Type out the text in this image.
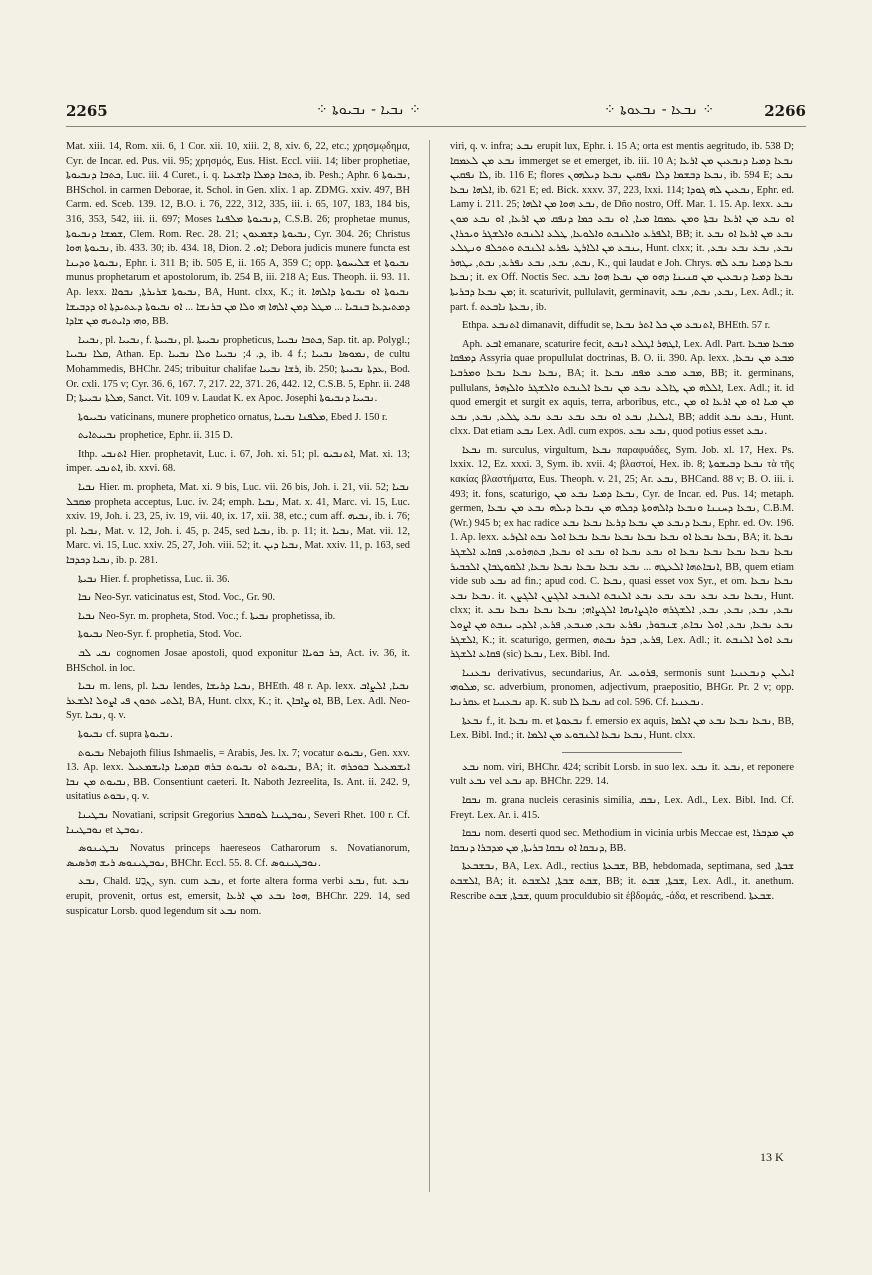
2265	⁘ ܢܒܝܐ - ܢܒܝܘܬܐ ⁘	⁘ ܢܒܥܐ - ܢܒܥܘܬܐ ⁘	2266

Mat. xiii. 14, Rom. xii. 6, 1 Cor. xii. 10, xiii. 2, 8, xiv. 6, 22, etc.; χρησμῳδημα, Cyr. de Incar. ed. Pus. vii. 95; χρησμός, Eus. Hist. Eccl. viii. 14; liber prophetiae, ܟܬܒܐ ܕܢܒܝܘܬܐ, Luc. iii. 4 Curet., i. q. ܟܬܒܐ ܕܡܠܐ ܕܐܫܥܝܐ, ib. Pesh.; Aphr. ܢܒܝܘܬܐ 6, BHSchol. in carmen Deborae, it. Schol. in Gen. xlix. 1 ap. ZDMG. xxiv. 497, BH Carm. ed. Sceb. 139. 12, B.O. i. 76, 222, 312, 335, iii. i. 65, 107, 183, 184 bis, 316, 353, 542, iii. ii. 697; Moses ܕܢܒܝܘܬܐ ܡܠܦܢܐ, C.S.B. 26; prophetae munus, ܫܡܫܐ ܕܢܒܝܘܬܐ, Clem. Rom. Rec. 28. 21; ܢܒܝܘܬܐ ܕܫܡܥܘܢ, Cyr. 304. 26; Christus ܢܒܝܘܬܐ ܗܘܐ, ib. 433. 30; ib. 434. 18, Dion. ܐܘ. 2; Debora judicis munere functa est ܢܒܝܘܬܐ ܘܕܝܢܐ, Ephr. i. 311 B; ib. 505 E, ii. 165 A, 359 C; opp. ܫܠܝܚܘܬܐ et ܢܒܝܘܬܐ munus prophetarum et apostolorum, ib. 254 B, iii. 218 A; Eus. Theoph. ii. 93. 11. Ap. lexx. ܢܒܝܘܬܐ ܫܪܝܪܬܐ, ܢܒܘܐܐ, BA, Hunt. clxx, K.; it. ܢܒܝܘܬܐ ܐܘ ܢܒܝܘܬܐ ܕܐܠܗܐ ܕܡܬܝܕܥܐ ܒܢܒܝܐ ... ܡܛܠ ܕܡܢ ܐܠܗܐ ܗܝ ܘܠܐ ܡܢ ܒܪܢܫܐ ... ܐܘ ܢܒܝܘܬܐ ܕܥܬܝܕܬܐ ܐܘ ܕܕܒܝܫܐ ܘܗܝ ܕܐܝܬܝܗ ܡܢ ܫܐܕܐ, BB.

ܢܒܝܝܐ, pl. ܢܒܝܝܐ, f. ܢܒܝܝܬܐ, pl. ܢܒܝܝܬܐ propheticus, ܟܬܒܐ ܢܒܝܝܐ, Sap. tit. ap. Polygl.; ܩܠܐ ܢܒܝܝܐ, Athan. Ep. ܕ. 4; ܢܒܝܝܐ ܘܠܐ ܢܒܝܝܐ, ib. 4 f.; ܢܡܘܣܐ ܢܒܝܝܐ, de cultu Mohammedis, BHChr. 245; tribuitur chalifae ܪܫܐ ܢܒܝܝܐ, ib. 250; ܥܕܬܐ ܢܒܝܝܬܐ, Bod. Or. cxli. 175 v; Cyr. 36. 6, 167. 7, 217. 22, 371. 26, 442. 12, C.S.B. 5, Ephr. ii. 248 D; ܡܠܬܐ ܢܒܝܝܬܐ, Sanct. Vit. 109 v. Laudat K. ex Apoc. Josephi ܢܒܝܝܐ ܕܢܒܝܘܬܐ.

ܢܒܝܝܘܬܐ vaticinans, munere prophetico ornatus, ܡܠܦܢܐ ܢܒܝܝܐ, Ebed J. 150 r.

ܢܒܝܝܬܐܝܬ prophetice, Ephr. ii. 315 D.

Ithp. ܐܬܢܒܝ Hier. prophetavit, Luc. i. 67, Joh. xi. 51; pl. ܐܬܢܒܝܘ, Mat. xi. 13; imper. ܐܬܢܒܝ, ib. xxvi. 68.

ܢܒܝܐ Hier. m. propheta, Mat. xi. 9 bis, Luc. vii. 26 bis, Joh. i. 21, vii. 52; ܢܒܝܐ ܡܩܒܠ propheta acceptus, Luc. iv. 24; emph. ܢܒܝܐ, Mat. x. 41, Marc. vi. 15, Luc. xxiv. 19, Joh. i. 23, 25, iv. 19, vii. 40, ix. 17, xii. 38, etc.; cum aff. ܢܒܝܗ, ib. i. 76; pl. ܢܒܝܐ, Mat. v. 12, Joh. i. 45, p. 245, sed ܢܒܝܐ, ib. p. 11; it. ܢܒܝܐ, Mat. vii. 12, Marc. vi. 15, Luc. xxiv. 25, 27, Joh. viii. 52; it. ܢܒܝܐ ܕܝܢ, Mat. xxiv. 11, p. 163, sed ܢܒܝܐ ܕܟܕܒܐ, ib. p. 281.

ܢܒܝܬܐ Hier. f. prophetissa, Luc. ii. 36.

ܢܒܐ Neo-Syr. vaticinatus est, Stod. Voc., Gr. 90.

ܢܒܝܐ Neo-Syr. m. propheta, Stod. Voc.; f. ܢܒܝܬܐ prophetissa, ib.

ܢܒܝܘܬܐ Neo-Syr. f. prophetia, Stod. Voc.

ܢܒܝ ܠܒ cognomen Josae apostoli, quod exponitur ܒܪ ܒܘܝܐܐ, Act. iv. 36, it. BHSchol. in loc.

ܢܒܝܐ m. lens, pl. ܢܒܝܐ lendes, ܢܒܝܐ ܕܪܝܫܐ, BHEth. 48 r. Ap. lexx. ܢܒܝܐ, ܐܠܨܐܒ ܐܠܬܝ ܬܟܘܢ ܦܝ ܐܨܘܠ ܐܠܫܥܪ, BA, Hunt. clxx, K.; it. ܐܘ ܨܐܒܐܢ, BB, Lex. Adl. Neo-Syr. ܢܒܝܐ, q. v.

ܢܒܝܘܬܐ cf. supra ܢܒܝܘܬܐ.

ܢܒܝܘܬ Nebajoth filius Ishmaelis, = Arabis, Jes. lx. 7; vocatur ܢܒܝܘܬ, Gen. xxv. 13. Ap. lexx. ܢܒܝܘܬ ܐܘ ܢܒܝܘܬ ܒܪܗ ܩܕܡܝܐ ܕܐܝܫܡܥܝܠ, BA; it. ܐܝܫܡܥܝܠ ܒܘܟܪܗ ܢܒܝܘܬ ܡܢ ܢܒܐ, BB. Consentiunt caeteri. It. Naboth Jezreelita, Is. Ant. ii. 242. 9, usitatius ܢܒܘܬ, q. v.

ܢܒܛܝܢܐ Novatiani, scripsit Gregorius ܢܘܒܛܝܢܐ ܠܘܩܒܠ, Severi Rhet. 100 r. Cf. ܢܘܒܛܝܢܐ et ܢܘܒܛ.

ܢܒܛܝܢܘܣ Novatus princeps haereseos Catharorum s. Novatianorum, ܢܘܒܛܝܢܘܣ ܪܝܫ ܗܪܣܝܣ, BHChr. Eccl. 55. 8. Cf. ܢܘܒܛܝܢܘܣ.

ܢܒܥ, Chald. ܢְבַע, syn. cum ܢܒܥ, et forte altera forma verbi ܢܒܥ, fut. ܢܒܥ erupit, provenit, ortus est, emersit, ܗܘܐ ܢܒܥ ܡܢ ܐܪܥܐ, BHChr. 229. 14, sed suspicatur Lorsb. quod legendum sit ܢܒܥ nom.

viri, q. v. infra; ܢܒܥ erupit lux, Ephr. i. 15 A; orta est mentis aegritudo, ib. 538 D; ܢܒܥ ܡܢ ܠܥܡܩܐ immerget se et emerget, ib. iii. 10 A; ܢܒܥܐ ܕܡܝܐ ܕܢܒܥܝܢ ܡܢ ܐܪܥܐ ܠܐ ܢܦܩܝܢ, ib. 116 E; flores ܢܒܥܐ ܕܒܫܡܐ ܕܠܐ ܢܦܩܝܢ ܢܒܥܐ ܕܝܠܗܘܢ, ib. 594 E; ܢܒܥ ܐܠܗܐ ܢܒܥܐ, ib. 621 E; ed. Bick. xxxv. 37, 223, lxxi. 114; ܢܒܥܝܢ ܠܗ ܓܘܕܐ, Ephr. ed. Lamy i. 211. 25; ܢܒܥ ܗܘܐ ܡܢ ܐܠܗܐ, de Dño nostro, Off. Mar. 1. 15. Ap. lexx. ܢܒܥ ܐܘ ܢܒܥ ܡܢ ܐܪܥܐ ܢܒܬܐ ܘܡܢ ܥܡܩܐ ܡܝܐ, ܐܘ ܢܒܥ ܟܡܐ ܕܢܦܩ ܡܢ ܐܪܥܐ, ܐܘ ܢܒܥ ܡܘܢ ܐܠܦܪܥ ܘܐܠܢܒܬ ܘܐܠܘܥܐ, ܛܠܥ ܐܠܢܒܬ ܘܐܠܫܓܪ ܘܝܟܪܐܢ, BB; it. ܢܒܥ ܡܢ ܐܪܥܐ ܐܘ ܢܒܥ ܝܢܒܥ ܡܢ ܐܠܐܪܛ ܝܦܪܥ ܐܠܢܒܬ ܘܬܟܠܦ ܘܢܛܠܥ, Hunt. clxx; it. ܢܒܥ, ܢܒܥ ܢܒܥ ܢܒܥ, ܢܒܬ, ܢܒܥ, ܢܒܥ ܢܦܪܥ, ܢܒܬ, ܝܛܗܪ, K., qui laudat e Joh. Chrys. ܢܒܥܐ ܕܡܝܐ ܢܒܥ ܠܗ ܢܒܥܐ; it. ex Off. Noctis Sec. ܢܒܥܐ ܕܡܝܐ ܕܢܒܥܝܢ ܡܢ ܩܢܝܢܐ ܕܗܘ ܡܢ ܢܒܥܐ ܗܘܐ ܢܒܥ ܡܢ ܢܒܥܐ ܕܒܪܝܬܐ; it. scaturivit, pullulavit, germinavit, ܢܒܥ, ܢܒܬ, ܢܒܥ, Lex. Adl.; it. part. f. ܢܒܥܬܐ ܢܐܒܥܬ, ib.

Ethpa. ܐܬܢܒܥ dimanavit, diffudit se, ܐܬܢܒܥ ܡܢ ܟܠ ܐܬܪ ܢܒܥܐ, BHEth. 57 r.

Aph. ܐܒܥ emanare, scaturire fecit, ܐܛܗܪ ܐܛܠܥ ܐܢܒܬ, Lex. Adl. Part. ܡܒܥܐ ܡܒܥܐ ܕܡܦܩܐ Assyria quae propullulat doctrinas, B. O. ii. 390. Ap. lexx. ܡܒܥ ܡܢ ܢܒܥܐ, ܢܒܥܐ ܢܒܥܐ ܢܒܥܐ ܘܡܪܒܝܐ, BA; it. ܡܒܥ ܡܒܥ ܡܦܩ ܢܒܥܐ, BB; it. germinans, pullulans, ܐܠܠܗ ܡܢ ܛܐܠܥ ܢܒܥ ܡܢ ܢܒܥܐ ܐܠܢܒܬ ܘܐܠܫܓܪ ܘܐܠܙܗܪ, Lex. Adl.; it. id quod emergit et surgit ex aquis, terra, arboribus, etc., ܡܢ ܡܝܐ ܐܘ ܡܢ ܐܪܥܐ ܐܘ ܡܢ ܐܝܠܢܐ, ܢܒܥ ܐܘ ܢܒܥ ܢܒܥ ܢܒܥ ܢܒܥ ܛܠܥ, ܢܒܥ, ܢܒܥ, BB; addit ܢܒܥ ܢܒܥ, Hunt. clxx. Dat etiam ܢܒܥ Lex. Adl. cum expos. ܢܒܥ ܢܒܥ, quod potius esset ܢܒܥ.

ܢܒܥܐ m. surculus, virgultum, ܢܒܥܐ παραφυάδες, Sym. Job. xl. 17, Hex. Ps. lxxix. 12, Ez. xxxi. 3, Sym. ib. xvii. 4; βλαστοί, Hex. ib. 8; ܢܒܥܐ ܕܒܝܫܘܬܐ τὰ τῆς κακίας βλαστήματα, Eus. Theoph. v. 21, 25; Ar. ܢܒܥ, BHCand. 88 v; B. O. iii. i. 493; it. fons, scaturigo, ܢܒܥܐ ܕܡܝܐ ܢܒܥ ܡܢ, Cyr. de Incar. ed. Pus. 14; metaph. germen, ܢܒܥܐ ܕܚܢܢܐ ܘܢܒܥܐ ܕܐܠܗܘܬܐ ܕܟܠܗ ܡܢ ܢܒܥܐ ܕܝܠܗ ܢܒܥ ܡܢ ܢܒܥܐ, C.B.M. (Wr.) 945 b; ex hac radice ܢܒܥܐ ܕܢܒܥ ܡܢ ܢܒܥܐ ܕܪܥܐ ܢܒܥܐ ܢܒܥ, Ephr. ed. Ov. 196. 1. Ap. lexx. ܢܒܥܐ ܢܒܥܐ ܐܘ ܢܒܥܐ ܢܒܥܐ ܢܒܥܐ ܢܒܥܐ ܢܒܥܐ ܐܘܠ ܢܒܬ ܐܠܙܪܥ, BA; it. ܢܒܥܐ ܢܒܥܐ ܢܒܥܐ ܢܒܥܐ ܢܒܥܐ ܢܒܥܐ ܐܘ ܢܒܥ ܢܒܥܐ ܐܘ ܢܒܥ ܐܘ ܢܒܥܐ, ܒܬܗܪܘܥ, ܦܩܐܥ ܐܠܫܓܪ ܐܢܒܐܬܗܐ ܐܠܥܛܗ ... ܢܒܥ ܢܒܥܐ ܢܒܥܐ ܢܒܥܐ ܢܒܥܐ, ܐܠܩܘܛܒܐܢ ܐܠܟܒܝܪ, BB, quem etiam vide sub ܢܒܥ ad fin.; apud cod. C. ܢܒܥܐ, quasi esset vox Syr., et om. ܢܒܥܐ ܢܒܥܐ ܢܒܥܐ ܢܒܥ. it. ܢܒܥܐ ܢܒܥ ܢܒܥ ܢܒܥ ܢܒܥ ܢܒܥ ܐܠܢܒܬ ܐܠܢܒܥ ܐܠܓܨܢ ܐܠܓܨܢ, Hunt. clxx; it. ܢܒܥ, ܢܒܥ, ܢܒܥ, ܢܒܥ, ܐܠܫܓܪܗ ܘܐܓܨܐܢܗܐ ܐܠܓܨܐܗ; ܢܒܥܐ ܢܒܥܐ ܢܒܥܐ ܢܒܥ ܢܒܥ ܢܒܥܐ, ܢܒܥ, ܐܘܠ ܢܒܐܬ, ܫܢܒܘܪ, ܢܦܪܥ ܢܒܥ, ܡܢܒܥ, ܦܪܥ, ܐܠܕܝ ܝܢܒܬ ܡܢ ܐܨܘܠ ܐܠܫܓܪ, K.; it. scaturigo, germen, ܦܪܥ, ܒܕܪ ܢܒܬܗ, Lex. Adl.; it. ܢܒܥ ܐܘܠ ܐܠܢܒܬ ܦܩܐܥ ܐܠܫܓܪ (sic) ܢܒܥܐ, Lex. Bibl. Ind.

ܢܒܥܢܝܐ derivativus, secundarius, Ar. ܦܪܘܥܝ, sermonis sunt ܐܝܠܝܢ ܕܢܒܥܢܝܐ ܡܠܘܗܝ, sc. adverbium, pronomen, adjectivum, praepositio, BHGr. Pr. 2 v; opp. ܥܩܪܢܝܐ et ܢܒܥܢܝܐ ap. K. sub ܢܒܥܐ ܠܐ ad col. 596. Cf. ܢܒܥܢܝܐ.

ܢܒܥܬܐ f., it. ܢܒܥܐ m. et ܢܒܥܘܬܐ f. emersio ex aquis, ܢܒܥܐ ܢܒܥܐ ܢܒܥ ܡܢ ܐܠܡܐ, BB, Lex. Bibl. Ind.; it. ܢܒܥܐ ܢܒܥܐ ܐܠܢܒܘܥ ܡܢ ܐܠܡܐ, Hunt. clxx.

ܢܒܥ nom. viri, BHChr. 424; scribit Lorsb. in suo lex. ܢܒܥ it. ܢܒܥ, et reponere vult ܢܒܥ vel ܢܒܥ ap. BHChr. 229. 14.

ܢܒܩܐ m. grana nucleis cerasinis similia, ܢܒܩ, Lex. Adl., Lex. Bibl. Ind. Cf. Freyt. Lex. Ar. i. 415.

ܢܒܩܐ nom. deserti quod sec. Methodium in vicinia urbis Meccae est, ܡܢ ܡܕܒܪܐ ܕܢܒܩܐ ܐܘ ܢܒܩܐ ܒܪܝܬܐ, ܡܢ ܡܕܒܪܐ ܕܢܒܩܐ, BB.

ܢܒܫܒܥܬܐ, BA, Lex. Adl., rectius ܫܒܥܬܐ, BB, hebdomada, septimana, sed ܫܒܬܐ, ܐܠܫܒܬ, BA; it. ܫܒܬ ܫܒܬܐ, ܐܠܫܒܬ, BB; it. ܫܒܬܐ, ܫܒܬ, Lex. Adl., it. anethum. Rescribe ܫܒܬܐ, ܫܒܬ, quum proculdubio sit ἑβδομάς, -άδα, et rescribend. ܫܒܥܬܐ.

13 K
